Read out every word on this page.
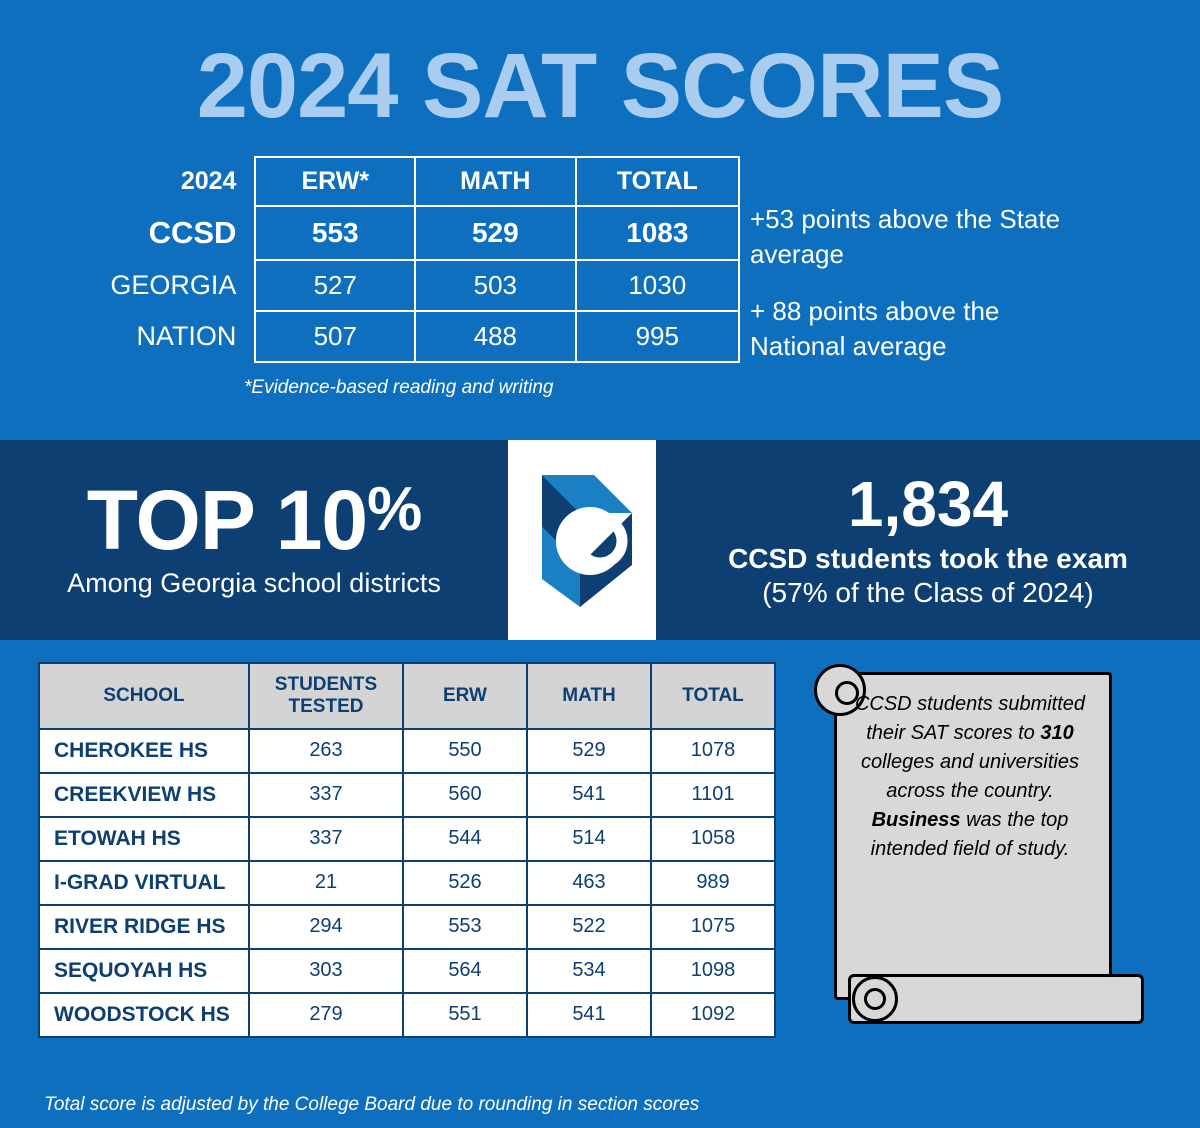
2024 SAT SCORES
2024	ERW*	MATH	TOTAL
CCSD	553	529	1083
GEORGIA	527	503	1030
NATION	507	488	995
*Evidence-based reading and writing

+53 points above the State average

+ 88 points above the National average

TOP 10%
Among Georgia school districts
1,834
CCSD students took the exam
(57% of the Class of 2024)
SCHOOL	STUDENTS TESTED	ERW	MATH	TOTAL
CHEROKEE HS	263	550	529	1078
CREEKVIEW HS	337	560	541	1101
ETOWAH HS	337	544	514	1058
I-GRAD VIRTUAL	21	526	463	989
RIVER RIDGE HS	294	553	522	1075
SEQUOYAH HS	303	564	534	1098
WOODSTOCK HS	279	551	541	1092
CCSD students submitted their SAT scores to 310 colleges and universities across the country. Business was the top intended field of study.
Total score is adjusted by the College Board due to rounding in section scores
